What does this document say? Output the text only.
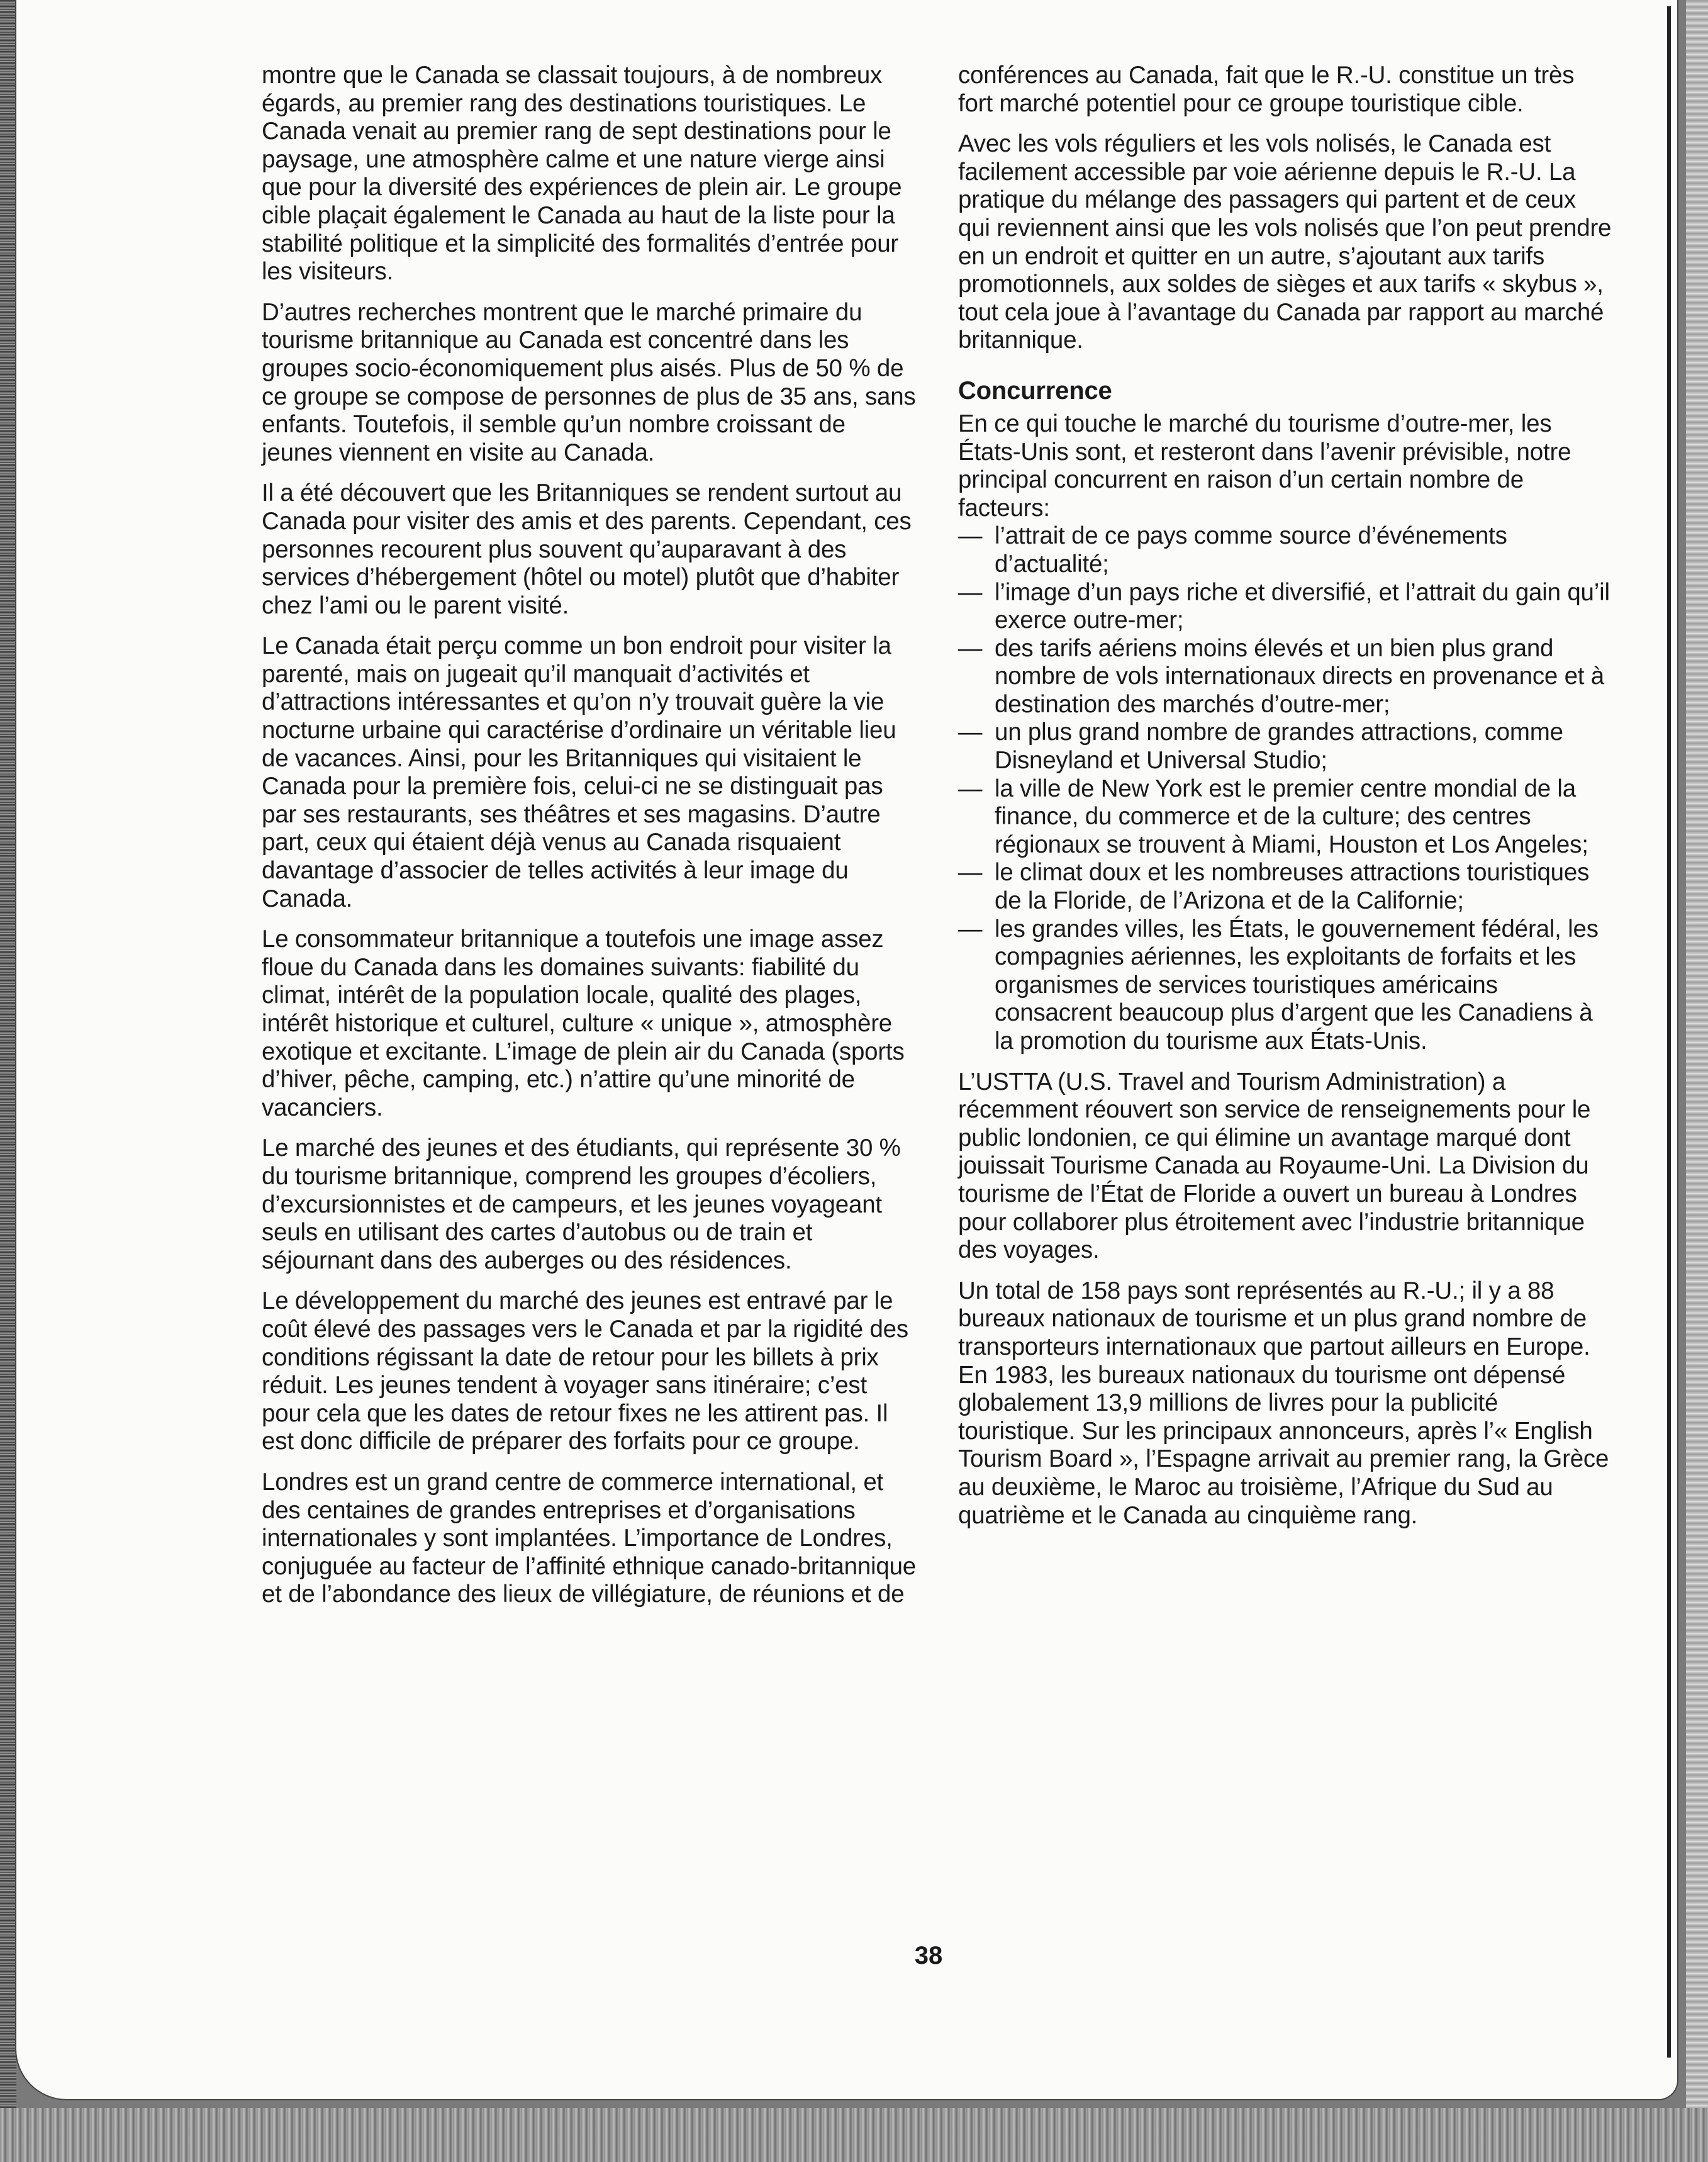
montre que le Canada se classait toujours, à de nombreux égards, au premier rang des destinations touristiques. Le Canada venait au premier rang de sept destinations pour le paysage, une atmosphère calme et une nature vierge ainsi que pour la diversité des expériences de plein air. Le groupe cible plaçait également le Canada au haut de la liste pour la stabilité politique et la simplicité des formalités d’entrée pour les visiteurs.

D’autres recherches montrent que le marché primaire du tourisme britannique au Canada est concentré dans les groupes socio-économiquement plus aisés. Plus de 50 % de ce groupe se compose de personnes de plus de 35 ans, sans enfants. Toutefois, il semble qu’un nombre croissant de jeunes viennent en visite au Canada.

Il a été découvert que les Britanniques se rendent surtout au Canada pour visiter des amis et des parents. Cependant, ces personnes recourent plus souvent qu’auparavant à des services d’hébergement (hôtel ou motel) plutôt que d’habiter chez l’ami ou le parent visité.

Le Canada était perçu comme un bon endroit pour visiter la parenté, mais on jugeait qu’il manquait d’activités et d’attractions intéressantes et qu’on n’y trouvait guère la vie nocturne urbaine qui caractérise d’ordinaire un véritable lieu de vacances. Ainsi, pour les Britanniques qui visitaient le Canada pour la première fois, celui-ci ne se distinguait pas par ses restaurants, ses théâtres et ses magasins. D’autre part, ceux qui étaient déjà venus au Canada risquaient davantage d’associer de telles activités à leur image du Canada.

Le consommateur britannique a toutefois une image assez floue du Canada dans les domaines suivants: fiabilité du climat, intérêt de la population locale, qualité des plages, intérêt historique et culturel, culture « unique », atmosphère exotique et excitante. L’image de plein air du Canada (sports d’hiver, pêche, camping, etc.) n’attire qu’une minorité de vacanciers.

Le marché des jeunes et des étudiants, qui représente 30 % du tourisme britannique, comprend les groupes d’écoliers, d’excursionnistes et de campeurs, et les jeunes voyageant seuls en utilisant des cartes d’autobus ou de train et séjournant dans des auberges ou des résidences.

Le développement du marché des jeunes est entravé par le coût élevé des passages vers le Canada et par la rigidité des conditions régissant la date de retour pour les billets à prix réduit. Les jeunes tendent à voyager sans itinéraire; c’est pour cela que les dates de retour fixes ne les attirent pas. Il est donc difficile de préparer des forfaits pour ce groupe.

Londres est un grand centre de commerce international, et des centaines de grandes entreprises et d’organisations internationales y sont implantées. L’importance de Londres, conjuguée au facteur de l’affinité ethnique canado-britannique et de l’abondance des lieux de villégiature, de réunions et de

conférences au Canada, fait que le R.-U. constitue un très fort marché potentiel pour ce groupe touristique cible.

Avec les vols réguliers et les vols nolisés, le Canada est facilement accessible par voie aérienne depuis le R.-U. La pratique du mélange des passagers qui partent et de ceux qui reviennent ainsi que les vols nolisés que l’on peut prendre en un endroit et quitter en un autre, s’ajoutant aux tarifs promotionnels, aux soldes de sièges et aux tarifs « skybus », tout cela joue à l’avantage du Canada par rapport au marché britannique.

Concurrence

En ce qui touche le marché du tourisme d’outre-mer, les États-Unis sont, et resteront dans l’avenir prévisible, notre principal concurrent en raison d’un certain nombre de facteurs:

— l’attrait de ce pays comme source d’événements d’actualité;
— l’image d’un pays riche et diversifié, et l’attrait du gain qu’il exerce outre-mer;
— des tarifs aériens moins élevés et un bien plus grand nombre de vols internationaux directs en provenance et à destination des marchés d’outre-mer;
— un plus grand nombre de grandes attractions, comme Disneyland et Universal Studio;
— la ville de New York est le premier centre mondial de la finance, du commerce et de la culture; des centres régionaux se trouvent à Miami, Houston et Los Angeles;
— le climat doux et les nombreuses attractions touristiques de la Floride, de l’Arizona et de la Californie;
— les grandes villes, les États, le gouvernement fédéral, les compagnies aériennes, les exploitants de forfaits et les organismes de services touristiques américains consacrent beaucoup plus d’argent que les Canadiens à la promotion du tourisme aux États-Unis.

L’USTTA (U.S. Travel and Tourism Administration) a récemment réouvert son service de renseignements pour le public londonien, ce qui élimine un avantage marqué dont jouissait Tourisme Canada au Royaume-Uni. La Division du tourisme de l’État de Floride a ouvert un bureau à Londres pour collaborer plus étroitement avec l’industrie britannique des voyages.

Un total de 158 pays sont représentés au R.-U.; il y a 88 bureaux nationaux de tourisme et un plus grand nombre de transporteurs internationaux que partout ailleurs en Europe. En 1983, les bureaux nationaux du tourisme ont dépensé globalement 13,9 millions de livres pour la publicité touristique. Sur les principaux annonceurs, après l’« English Tourism Board », l’Espagne arrivait au premier rang, la Grèce au deuxième, le Maroc au troisième, l’Afrique du Sud au quatrième et le Canada au cinquième rang.

38
